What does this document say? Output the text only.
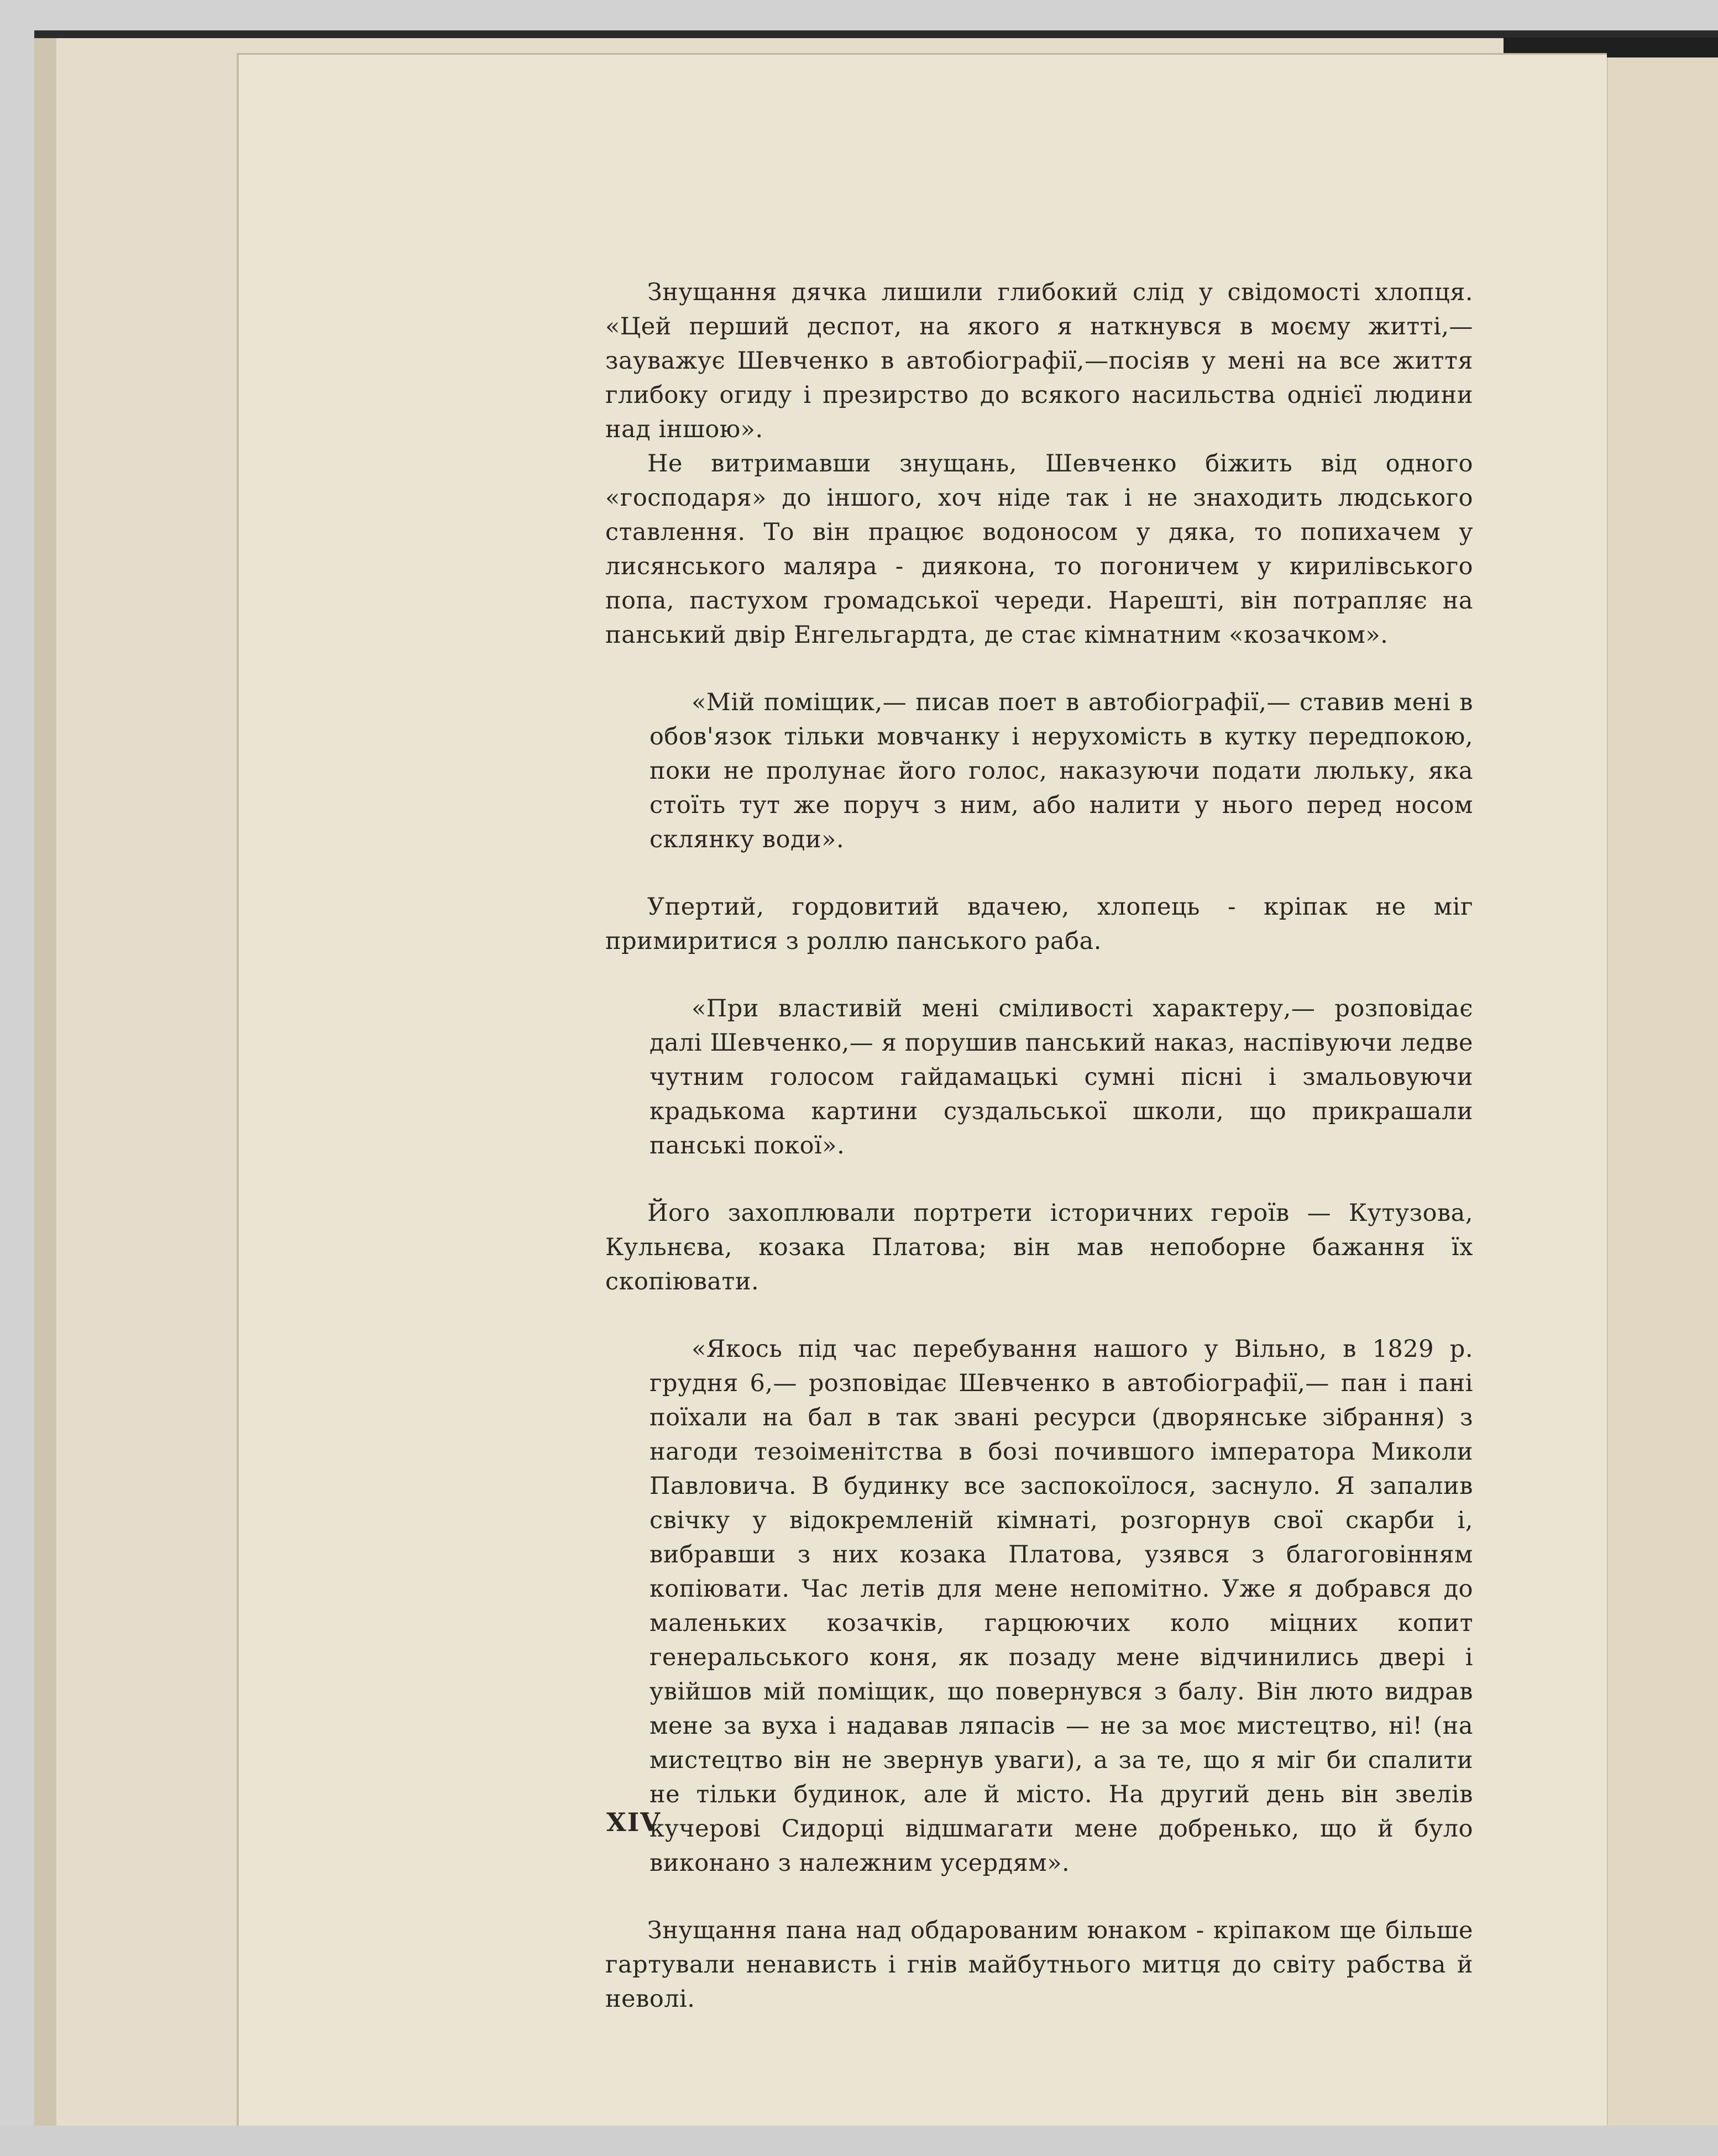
Знущання дячка лишили глибокий слід у свідомості хлопця. «Цей перший деспот, на якого я наткнувся в моєму житті,— зауважує Шевченко в автобіографії,—посіяв у мені на все життя глибоку огиду і презирство до всякого насильства однієї людини над іншою».

Не витримавши знущань, Шевченко біжить від одного «господаря» до іншого, хоч ніде так і не знаходить людського ставлення. То він працює водоносом у дяка, то попихачем у лисянського маляра - диякона, то погоничем у кирилівського попа, пастухом громадської череди. Нарешті, він потрапляє на панський двір Енгельгардта, де стає кімнатним «козачком».

«Мій поміщик,— писав поет в автобіографії,— ставив мені в обов'язок тільки мовчанку і нерухомість в кутку передпокою, поки не пролунає його голос, наказуючи подати люльку, яка стоїть тут же поруч з ним, або налити у нього перед носом склянку води».

Упертий, гордовитий вдачею, хлопець - кріпак не міг примиритися з роллю панського раба.

«При властивій мені сміливості характеру,— розповідає далі Шевченко,— я порушив панський наказ, наспівуючи ледве чутним голосом гайдамацькі сумні пісні і змальовуючи крадькома картини суздальської школи, що прикрашали панські покої».

Його захоплювали портрети історичних героїв — Кутузова, Кульнєва, козака Платова; він мав непоборне бажання їх скопіювати.

«Якось під час перебування нашого у Вільно, в 1829 р. грудня 6,— розповідає Шевченко в автобіографії,— пан і пані поїхали на бал в так звані ресурси (дворянське зібрання) з нагоди тезоіменітства в бозі почившого імператора Миколи Павловича. В будинку все заспокоїлося, заснуло. Я запалив свічку у відокремленій кімнаті, розгорнув свої скарби і, вибравши з них козака Платова, узявся з благоговінням копіювати. Час летів для мене непомітно. Уже я добрався до маленьких козачків, гарцюючих коло міцних копит генеральського коня, як позаду мене відчинились двері і увійшов мій поміщик, що повернувся з балу. Він люто видрав мене за вуха і надавав ляпасів — не за моє мистецтво, ні! (на мистецтво він не звернув уваги), а за те, що я міг би спалити не тільки будинок, але й місто. На другий день він звелів кучерові Сидорці відшмагати мене добренько, що й було виконано з належним усердям».

Знущання пана над обдарованим юнаком - кріпаком ще більше гартували ненависть і гнів майбутнього митця до світу рабства й неволі.

XIV
